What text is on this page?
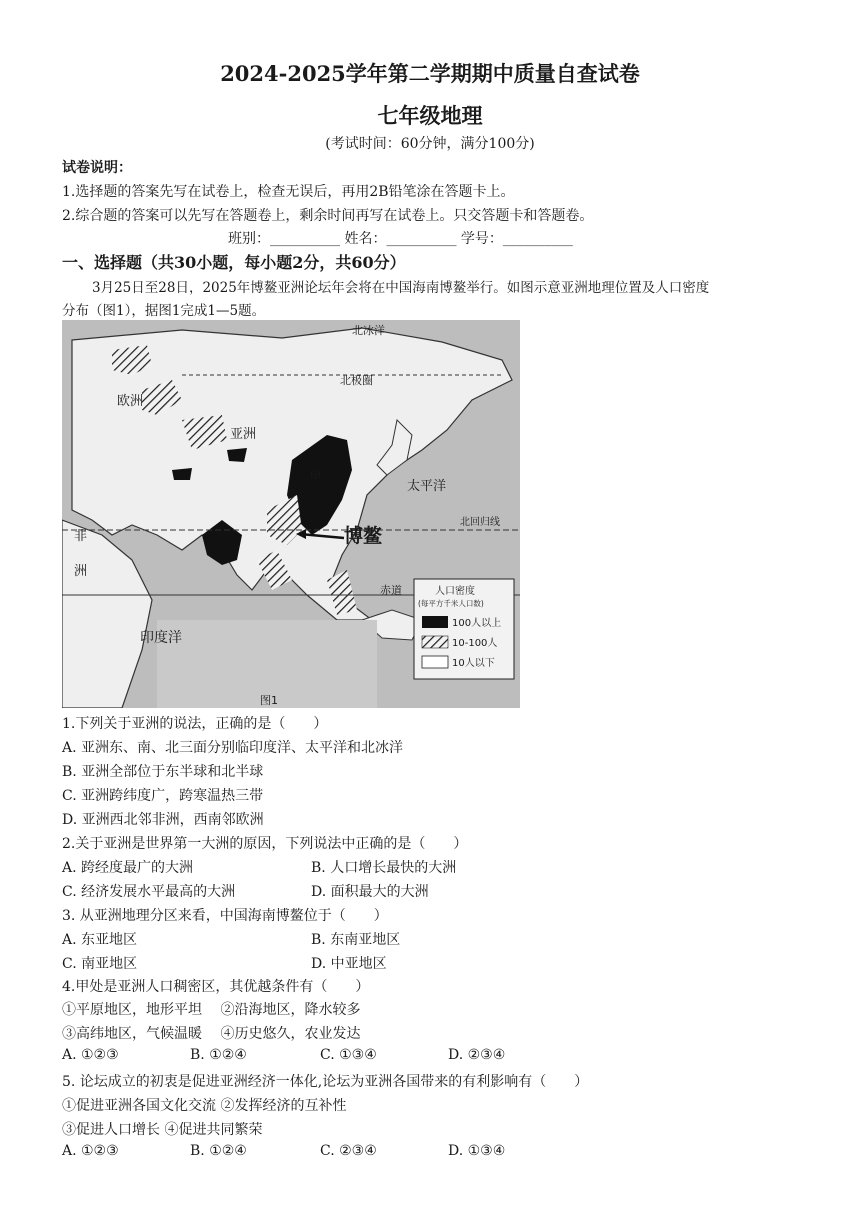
2024-2025学年第二学期期中质量自查试卷
七年级地理
(考试时间：60分钟，满分100分)
试卷说明：
1.选择题的答案先写在试卷上，检查无误后，再用2B铅笔涂在答题卡上。
2.综合题的答案可以先写在答题卷上，剩余时间再写在试卷上。只交答题卡和答题卷。
班别：__________ 姓名：__________ 学号：__________
一、选择题（共30小题，每小题2分，共60分）
3月25日至28日，2025年博鳌亚洲论坛年会将在中国海南博鳌举行。如图示意亚洲地理位置及人口密度
分布（图1），据图1完成1—5题。
北冰洋
北极圈
欧洲
亚洲
甲
太平洋
博鳌
北回归线
非
洲
赤道
印度洋
图1
人口密度
(每平方千米人口数)
100人以上
10-100人
10人以下
1.下列关于亚洲的说法，正确的是（　　）
A. 亚洲东、南、北三面分别临印度洋、太平洋和北冰洋
B. 亚洲全部位于东半球和北半球
C. 亚洲跨纬度广，跨寒温热三带
D. 亚洲西北邻非洲，西南邻欧洲
2.关于亚洲是世界第一大洲的原因，下列说法中正确的是（　　）
A. 跨经度最广的大洲	B. 人口增长最快的大洲
C. 经济发展水平最高的大洲	D. 面积最大的大洲
3. 从亚洲地理分区来看，中国海南博鳌位于（　　）
A. 东亚地区	B. 东南亚地区
C. 南亚地区	D. 中亚地区
4.甲处是亚洲人口稠密区，其优越条件有（　　）
①平原地区，地形平坦　 ②沿海地区，降水较多
③高纬地区，气候温暖　 ④历史悠久，农业发达
A. ①②③	B. ①②④	C. ①③④	D. ②③④
5. 论坛成立的初衷是促进亚洲经济一体化,论坛为亚洲各国带来的有利影响有（　　）
①促进亚洲各国文化交流 ②发挥经济的互补性
③促进人口增长 ④促进共同繁荣
A. ①②③	B. ①②④	C. ②③④	D. ①③④
